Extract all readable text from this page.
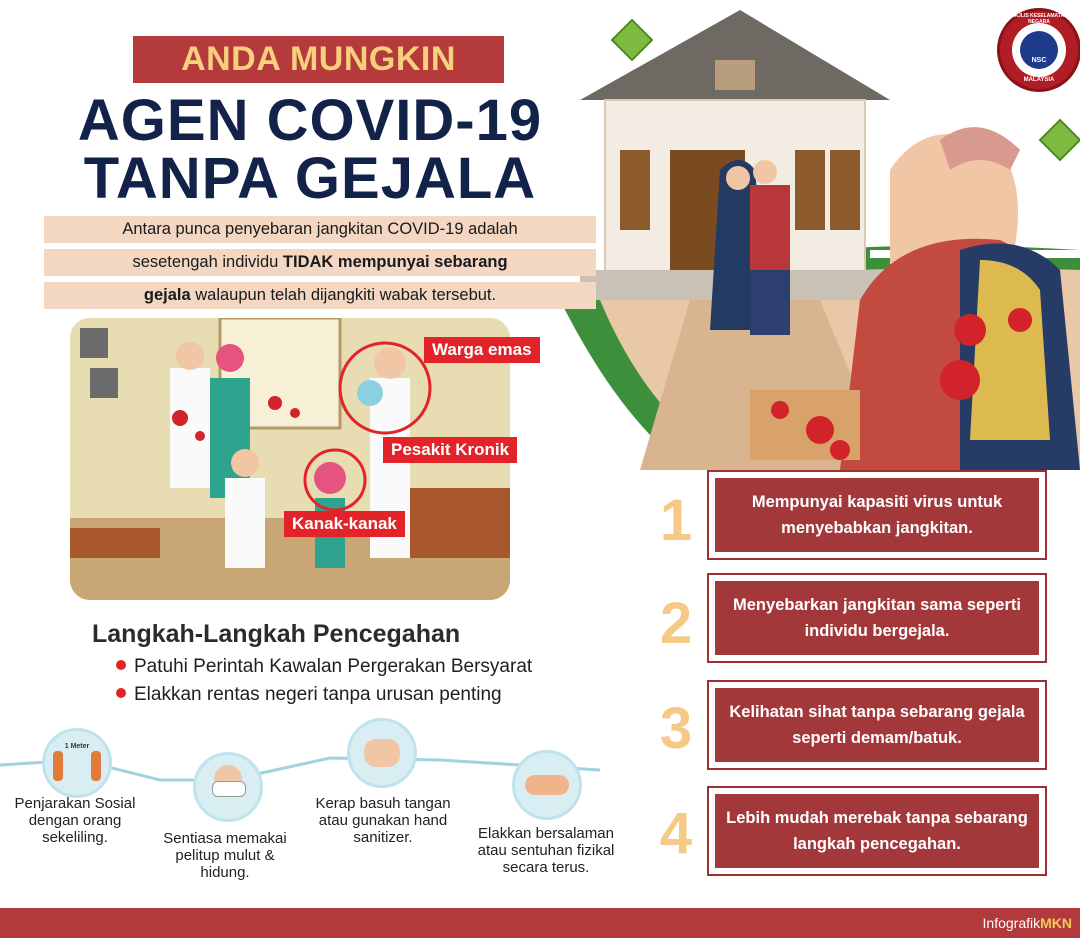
NSC
MAJLIS KESELAMATAN NEGARA
MALAYSIA
ANDA MUNGKIN
AGEN COVID-19
TANPA GEJALA
Antara punca penyebaran jangkitan COVID-19 adalah
sesetengah individu TIDAK mempunyai sebarang
gejala walaupun telah dijangkiti wabak tersebut.
Warga emas
Pesakit Kronik
Kanak-kanak
Langkah-Langkah Pencegahan
Patuhi Perintah Kawalan Pergerakan Bersyarat
Elakkan rentas negeri tanpa urusan penting
1 Meter
Penjarakan Sosial dengan orang sekeliling.	Sentiasa memakai pelitup mulut & hidung.
Kerap basuh tangan atau gunakan hand sanitizer.	Elakkan bersalaman atau sentuhan fizikal secara terus.
1	Mempunyai kapasiti virus untuk menyebabkan jangkitan.
2	Menyebarkan jangkitan sama seperti individu bergejala.
3	Kelihatan sihat tanpa sebarang gejala seperti demam/batuk.
4	Lebih mudah merebak tanpa sebarang langkah pencegahan.
InfografikMKN
